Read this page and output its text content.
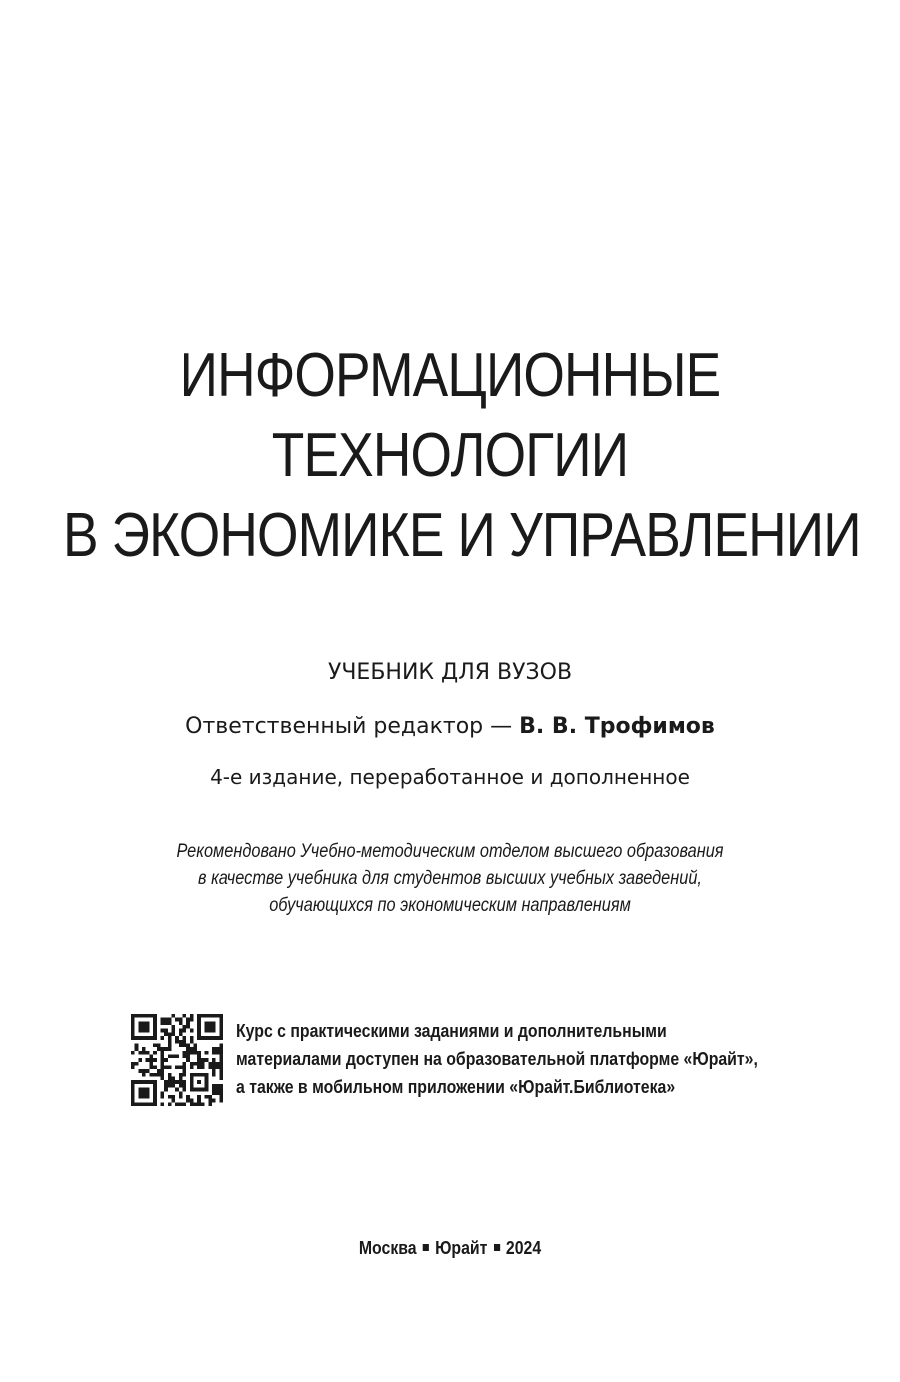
ИНФОРМАЦИОННЫЕ
ТЕХНОЛОГИИ
В ЭКОНОМИКЕ И УПРАВЛЕНИИ
УЧЕБНИК ДЛЯ ВУЗОВ
Ответственный редактор — В. В. Трофимов
4-е издание, переработанное и дополненное
Рекомендовано Учебно-методическим отделом высшего образования
в качестве учебника для студентов высших учебных заведений,
обучающихся по экономическим направлениям
Курс с практическими заданиями и дополнительными
материалами доступен на образовательной платформе «Юрайт»,
а также в мобильном приложении «Юрайт.Библиотека»
Москва Юрайт 2024
